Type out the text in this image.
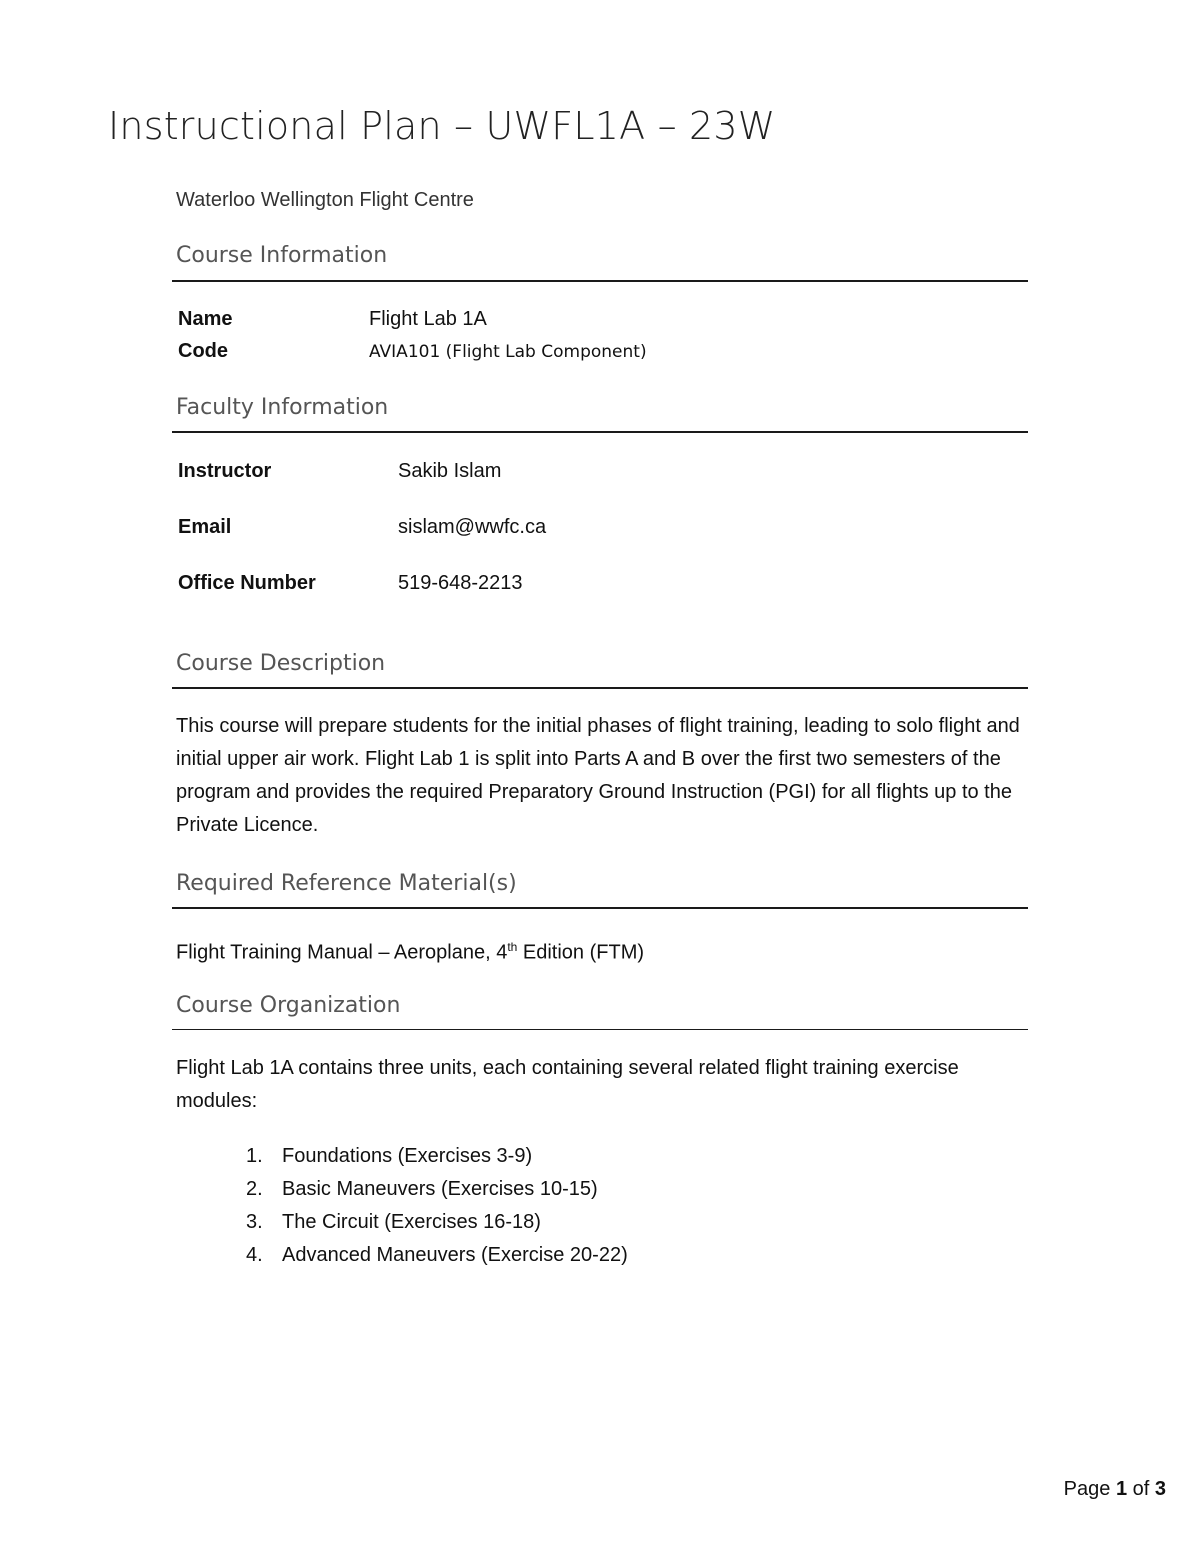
Instructional Plan – UWFL1A – 23W
Waterloo Wellington Flight Centre
Course Information
Name	Flight Lab 1A
Code	AVIA101 (Flight Lab Component)
Faculty Information
Instructor	Sakib Islam
Email	sislam@wwfc.ca
Office Number	519-648-2213
Course Description

This course will prepare students for the initial phases of flight training, leading to solo flight and initial upper air work. Flight Lab 1 is split into Parts A and B over the first two semesters of the program and provides the required Preparatory Ground Instruction (PGI) for all flights up to the Private Licence.

Required Reference Material(s)

Flight Training Manual – Aeroplane, 4th Edition (FTM)

Course Organization

Flight Lab 1A contains three units, each containing several related flight training exercise modules:

1. Foundations (Exercises 3-9)
2. Basic Maneuvers (Exercises 10-15)
3. The Circuit (Exercises 16-18)
4. Advanced Maneuvers (Exercise 20-22)
Page 1 of 3
